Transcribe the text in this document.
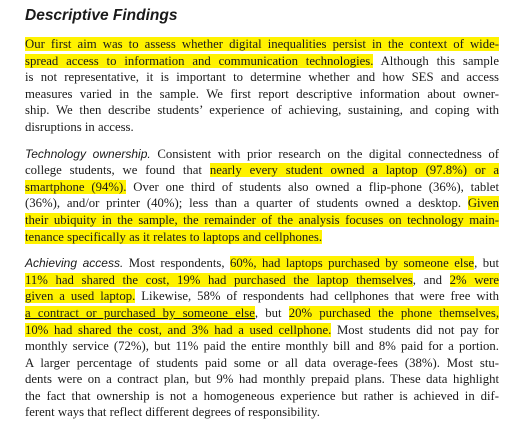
Descriptive Findings
Our first aim was to assess whether digital inequalities persist in the context of wide-
spread access to information and communication technologies. Although this sample
is not representative, it is important to determine whether and how SES and access
measures varied in the sample. We first report descriptive information about owner-
ship. We then describe students’ experience of achieving, sustaining, and coping with
disruptions in access.
Technology ownership. Consistent with prior research on the digital connectedness of
college students, we found that nearly every student owned a laptop (97.8%) or a
smartphone (94%). Over one third of students also owned a flip-phone (36%), tablet
(36%), and/or printer (40%); less than a quarter of students owned a desktop. Given
their ubiquity in the sample, the remainder of the analysis focuses on technology main-
tenance specifically as it relates to laptops and cellphones.
Achieving access. Most respondents, 60%, had laptops purchased by someone else, but
11% had shared the cost, 19% had purchased the laptop themselves, and 2% were
given a used laptop. Likewise, 58% of respondents had cellphones that were free with
a contract or purchased by someone else, but 20% purchased the phone themselves,
10% had shared the cost, and 3% had a used cellphone. Most students did not pay for
monthly service (72%), but 11% paid the entire monthly bill and 8% paid for a portion.
A larger percentage of students paid some or all data overage-fees (38%). Most stu-
dents were on a contract plan, but 9% had monthly prepaid plans. These data highlight
the fact that ownership is not a homogeneous experience but rather is achieved in dif-
ferent ways that reflect different degrees of responsibility.
